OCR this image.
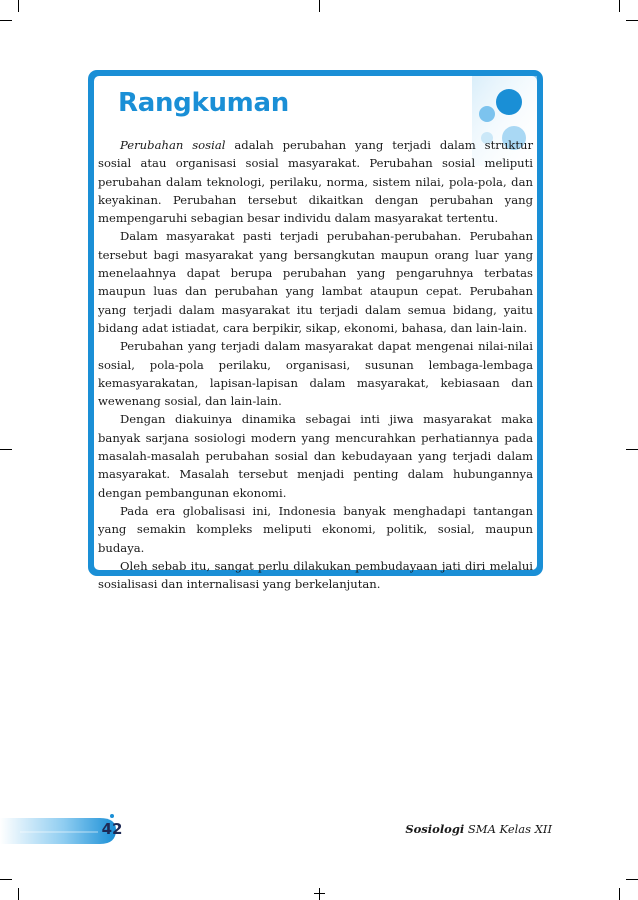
Rangkuman

Perubahan sosial adalah perubahan yang terjadi dalam struktur sosial atau organisasi sosial masyarakat. Perubahan sosial meliputi perubahan dalam teknologi, perilaku, norma, sistem nilai, pola-pola, dan keyakinan. Perubahan tersebut dikaitkan dengan perubahan yang mempengaruhi sebagian besar individu dalam masyarakat tertentu.

Dalam masyarakat pasti terjadi perubahan-perubahan. Perubahan tersebut bagi masyarakat yang bersangkutan maupun orang luar yang menelaahnya dapat berupa perubahan yang pengaruhnya terbatas maupun luas dan perubahan yang lambat ataupun cepat. Perubahan yang terjadi dalam masyarakat itu terjadi dalam semua bidang, yaitu bidang adat istiadat, cara berpikir, sikap, ekonomi, bahasa, dan lain-lain.

Perubahan yang terjadi dalam masyarakat dapat mengenai nilai-nilai sosial, pola-pola perilaku, organisasi, susunan lembaga-lembaga kemasyarakatan, lapisan-lapisan dalam masyarakat, kebiasaan dan wewenang sosial, dan lain-lain.

Dengan diakuinya dinamika sebagai inti jiwa masyarakat maka banyak sarjana sosiologi modern yang mencurahkan perhatiannya pada masalah-masalah perubahan sosial dan kebudayaan yang terjadi dalam masyarakat. Masalah tersebut menjadi penting dalam hubungannya dengan pembangunan ekonomi.

Pada era globalisasi ini, Indonesia banyak menghadapi tantangan yang semakin kompleks meliputi ekonomi, politik, sosial, maupun budaya.

Oleh sebab itu, sangat perlu dilakukan pembudayaan jati diri melalui sosialisasi dan internalisasi yang berkelanjutan.

42	Sosiologi SMA Kelas XII
